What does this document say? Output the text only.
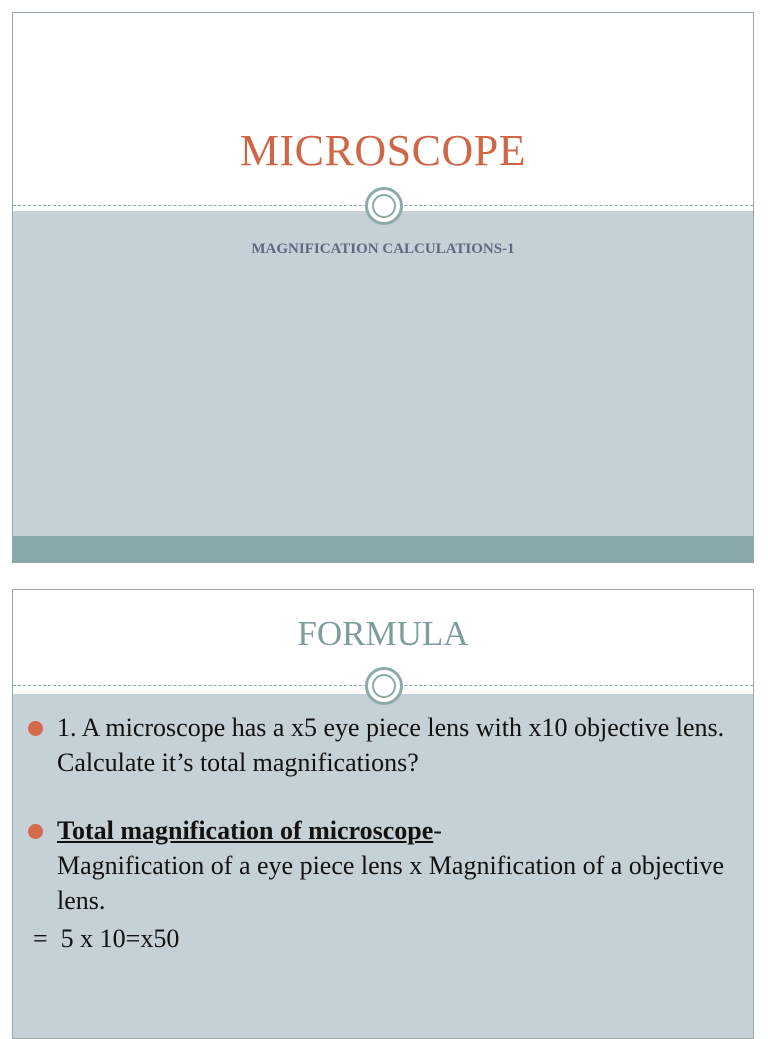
MICROSCOPE
MAGNIFICATION CALCULATIONS-1
FORMULA
1. A microscope has a x5 eye piece lens with x10 objective lens. Calculate it’s total magnifications?
Total magnification of microscope-
Magnification of a eye piece lens x Magnification of a objective lens.
=  5 x 10=x50
